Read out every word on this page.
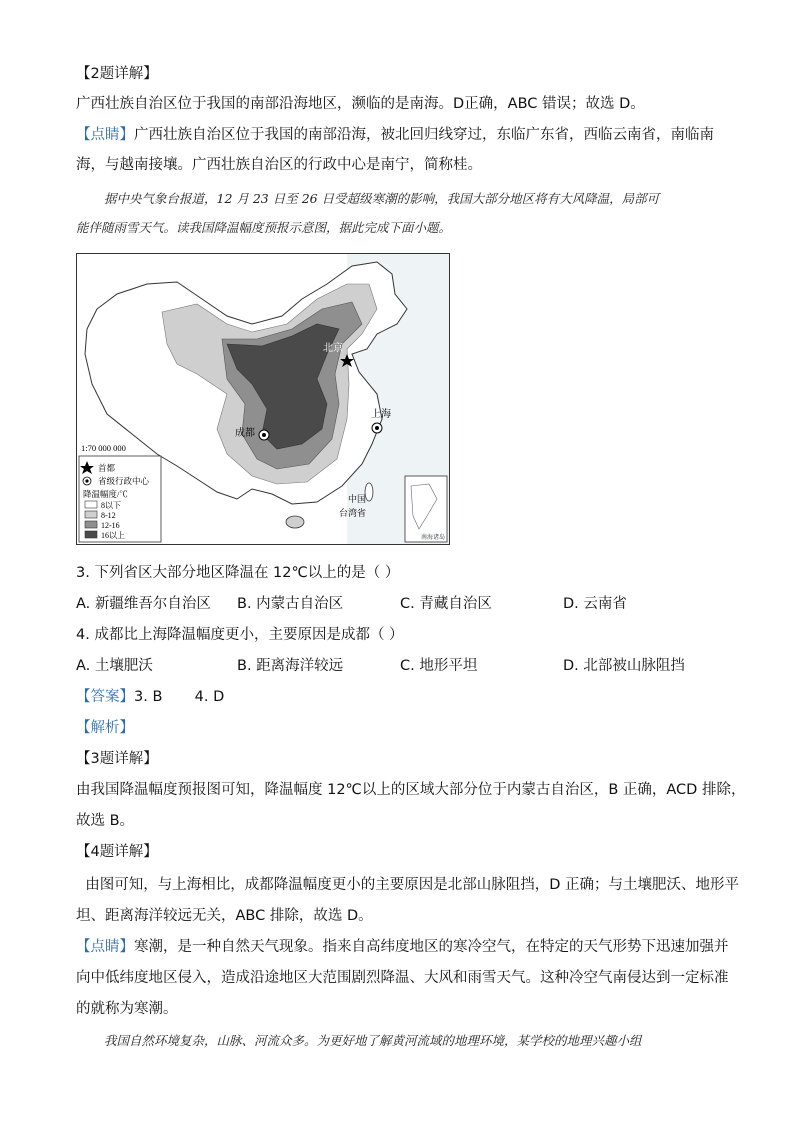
【2题详解】
广西壮族自治区位于我国的南部沿海地区，濒临的是南海。D正确，ABC 错误；故选 D。
【点睛】广西壮族自治区位于我国的南部沿海，被北回归线穿过，东临广东省，西临云南省，南临南
海，与越南接壤。广西壮族自治区的行政中心是南宁，简称桂。
据中央气象台报道，12 月 23 日至 26 日受超级寒潮的影响，我国大部分地区将有大风降温，局部可
能伴随雨雪天气。读我国降温幅度预报示意图，据此完成下面小题。
北京
上海
成都
中国
台湾省
南海诸岛
1:70 000 000
首都
省级行政中心
降温幅度/℃
8以下
8-12
12-16
16以上
3. 下列省区大部分地区降温在 12℃以上的是（ ）
A. 新疆维吾尔自治区 B. 内蒙古自治区	C. 青藏自治区	D. 云南省
4. 成都比上海降温幅度更小，主要原因是成都（ ）
A. 土壤肥沃	B. 距离海洋较远	C. 地形平坦	D. 北部被山脉阻挡
【答案】3. B       4. D
【解析】
【3题详解】
由我国降温幅度预报图可知，降温幅度 12℃以上的区域大部分位于内蒙古自治区，B 正确，ACD 排除，
故选 B。
【4题详解】
由图可知，与上海相比，成都降温幅度更小的主要原因是北部山脉阻挡，D 正确；与土壤肥沃、地形平
坦、距离海洋较远无关，ABC 排除，故选 D。
【点睛】寒潮，是一种自然天气现象。指来自高纬度地区的寒冷空气，在特定的天气形势下迅速加强并
向中低纬度地区侵入，造成沿途地区大范围剧烈降温、大风和雨雪天气。这种冷空气南侵达到一定标准
的就称为寒潮。
我国自然环境复杂，山脉、河流众多。为更好地了解黄河流域的地理环境，某学校的地理兴趣小组
